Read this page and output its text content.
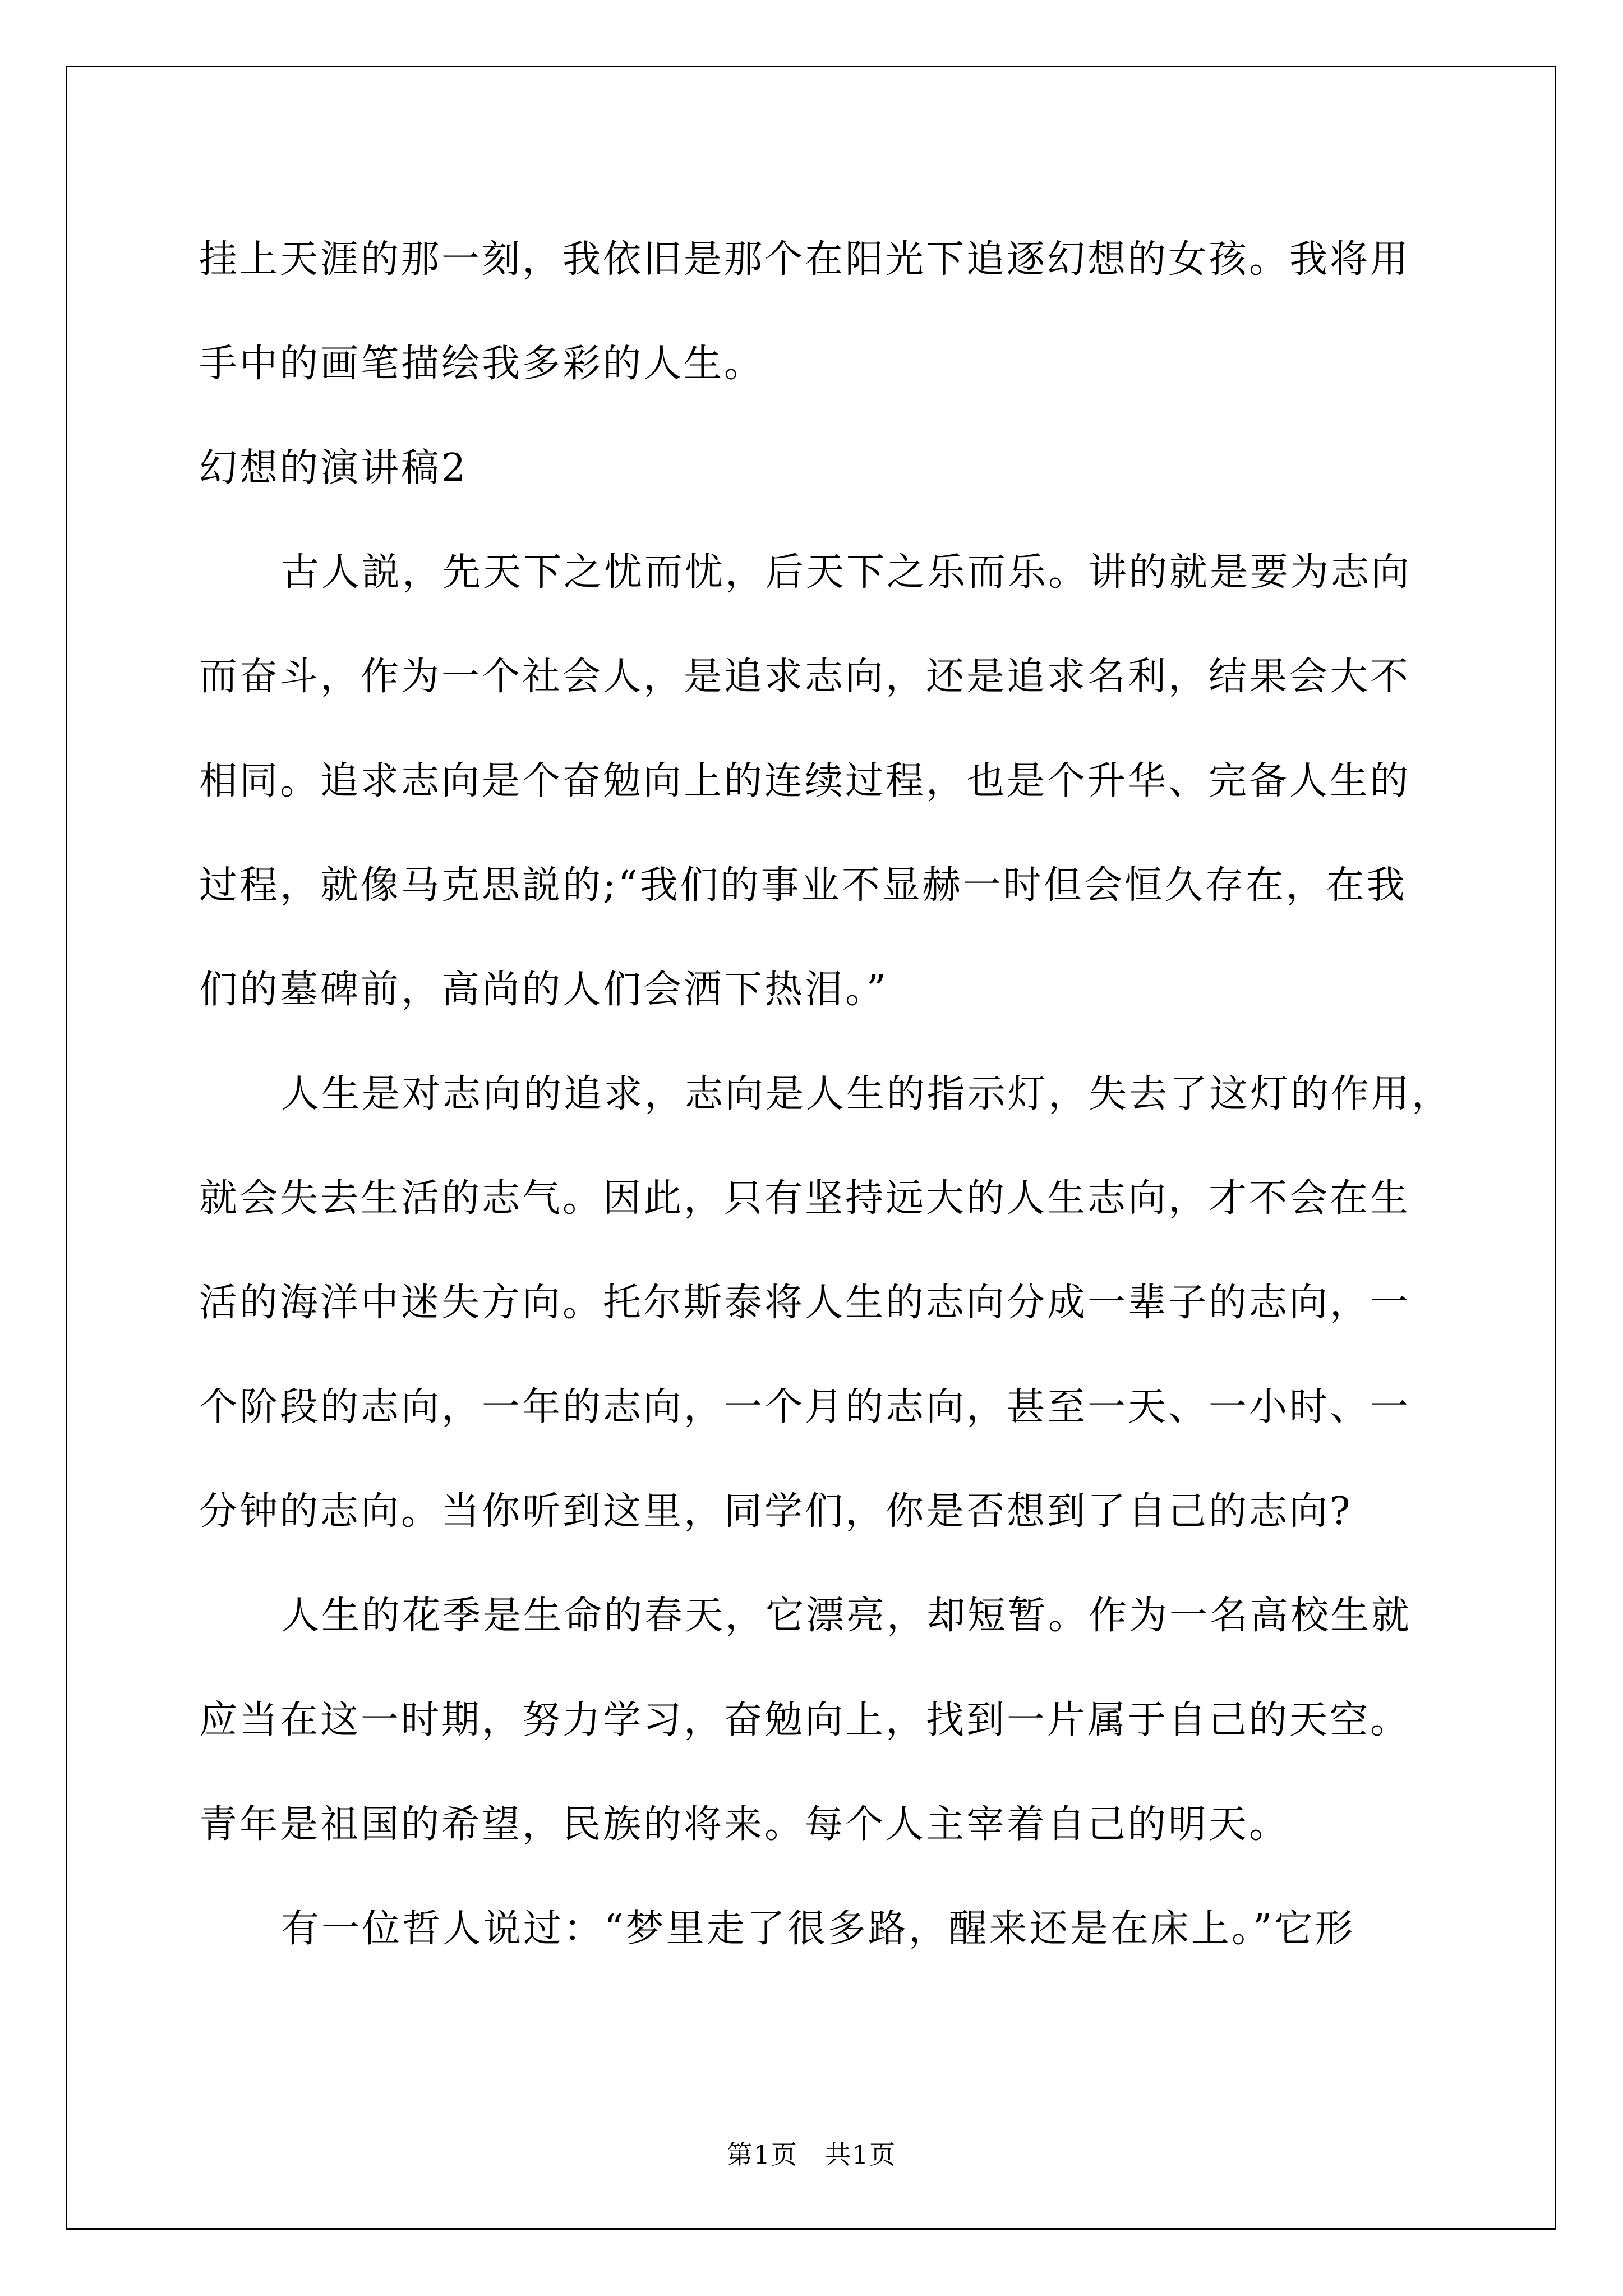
挂上天涯的那一刻，我依旧是那个在阳光下追逐幻想的女孩。我将用
手中的画笔描绘我多彩的人生。
幻想的演讲稿2
古人説，先天下之忧而忧，后天下之乐而乐。讲的就是要为志向
而奋斗，作为一个社会人，是追求志向，还是追求名利，结果会大不
相同。追求志向是个奋勉向上的连续过程，也是个升华、完备人生的
过程，就像马克思説的;“我们的事业不显赫一时但会恒久存在，在我
们的墓碑前，高尚的人们会洒下热泪。”
人生是对志向的追求，志向是人生的指示灯，失去了这灯的作用，
就会失去生活的志气。因此，只有坚持远大的人生志向，才不会在生
活的海洋中迷失方向。托尔斯泰将人生的志向分成一辈子的志向，一
个阶段的志向，一年的志向，一个月的志向，甚至一天、一小时、一
分钟的志向。当你听到这里，同学们，你是否想到了自己的志向?
人生的花季是生命的春天，它漂亮，却短暂。作为一名高校生就
应当在这一时期，努力学习，奋勉向上，找到一片属于自己的天空。
青年是祖国的希望，民族的将来。每个人主宰着自己的明天。
有一位哲人说过：“梦里走了很多路，醒来还是在床上。”它形
第1页　共1页
